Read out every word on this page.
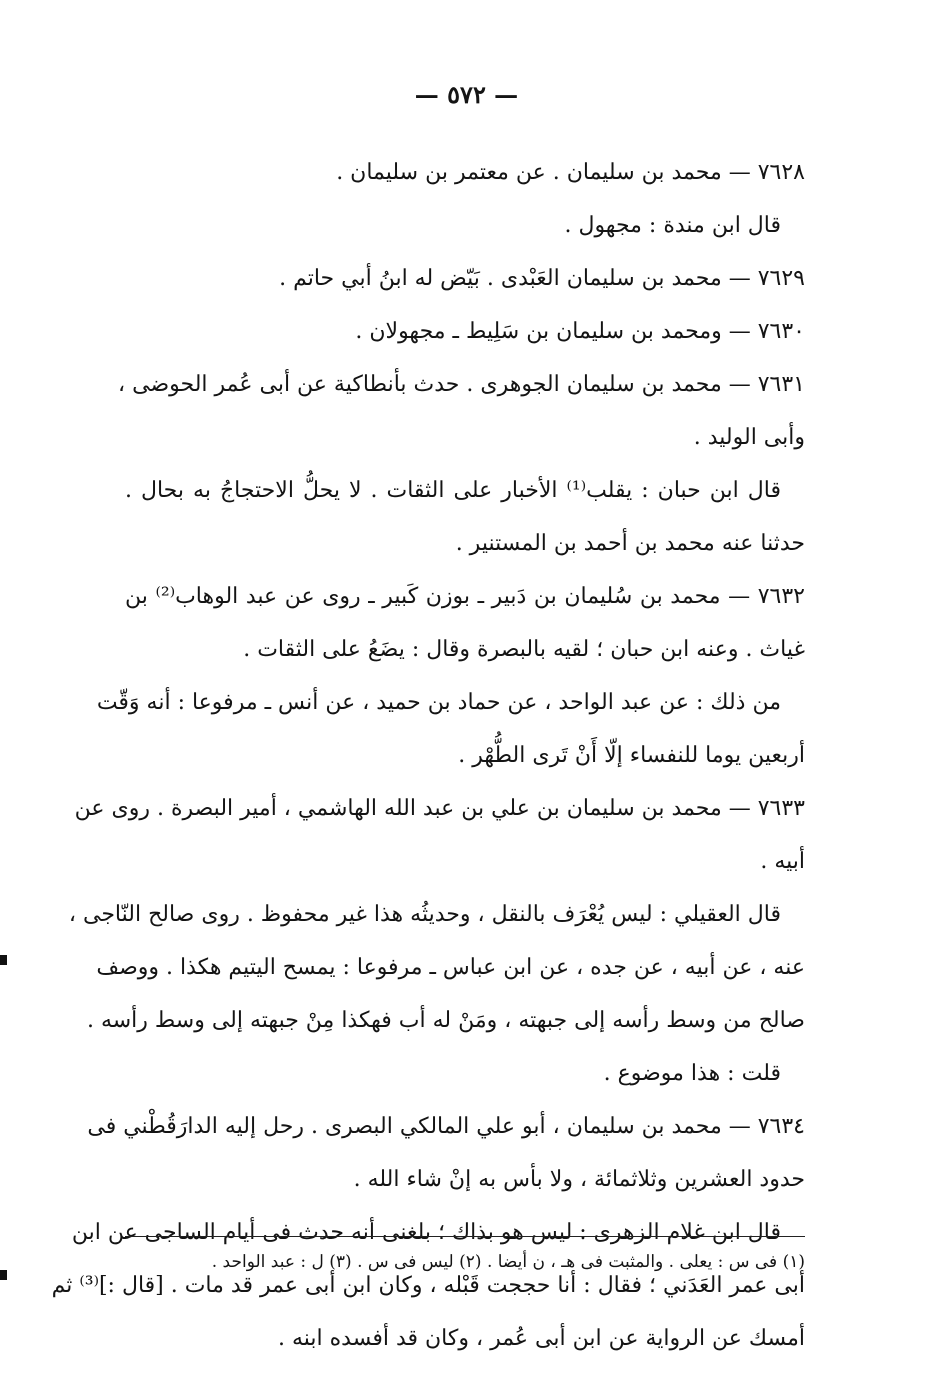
— ٥٧٢ —
٧٦٢٨ — محمد بن سليمان . عن معتمر بن سليمان .
قال ابن مندة : مجهول .
٧٦٢٩ — محمد بن سليمان العَبْدى . بَيّض له ابنُ أبي حاتم .
٧٦٣٠ — ومحمد بن سليمان بن سَلِيط ـ مجهولان .
٧٦٣١ — محمد بن سليمان الجوهرى . حدث بأنطاكية عن أبى عُمر الحوضى ،
وأبى الوليد .
قال ابن حبان : يقلب⁽¹⁾ الأخبار على الثقات . لا يحلُّ الاحتجاجُ به بحال .
حدثنا عنه محمد بن أحمد بن المستنير .
٧٦٣٢ — محمد بن سُليمان بن دَبير ـ بوزن كَبير ـ روى عن عبد الوهاب⁽²⁾ بن
غياث . وعنه ابن حبان ؛ لقيه بالبصرة وقال : يضَعُ على الثقات .
من ذلك : عن عبد الواحد ، عن حماد بن حميد ، عن أنس ـ مرفوعا : أنه وَقّت
أربعين يوما للنفساء إلّا أَنْ تَرى الطُّهْر .
٧٦٣٣ — محمد بن سليمان بن علي بن عبد الله الهاشمي ، أمير البصرة . روى عن
أبيه .
قال العقيلي : ليس يُعْرَف بالنقل ، وحديثُه هذا غير محفوظ . روى صالح النّاجى ،
عنه ، عن أبيه ، عن جده ، عن ابن عباس ـ مرفوعا : يمسح اليتيم هكذا . ووصف
صالح من وسط رأسه إلى جبهته ، ومَنْ له أب فهكذا مِنْ جبهته إلى وسط رأسه .
قلت : هذا موضوع .
٧٦٣٤ — محمد بن سليمان ، أبو علي المالكي البصرى . رحل إليه الدارَقُطْني فى
حدود العشرين وثلاثمائة ، ولا بأس به إنْ شاء الله .
قال ابن غلام الزهرى : ليس هو بذاك ؛ بلغنى أنه حدث فى أيام الساجى عن ابن
أبى عمر العَدَني ؛ فقال : أنا حججت قَبْله ، وكان ابن أبى عمر قد مات . [قال :]⁽³⁾ ثم
أمسك عن الرواية عن ابن أبى عُمر ، وكان قد أفسده ابنه .
(١) فى س : يعلى . والمثبت فى هـ ، ن أيضا . (٢) ليس فى س . (٣) ل : عبد الواحد .
